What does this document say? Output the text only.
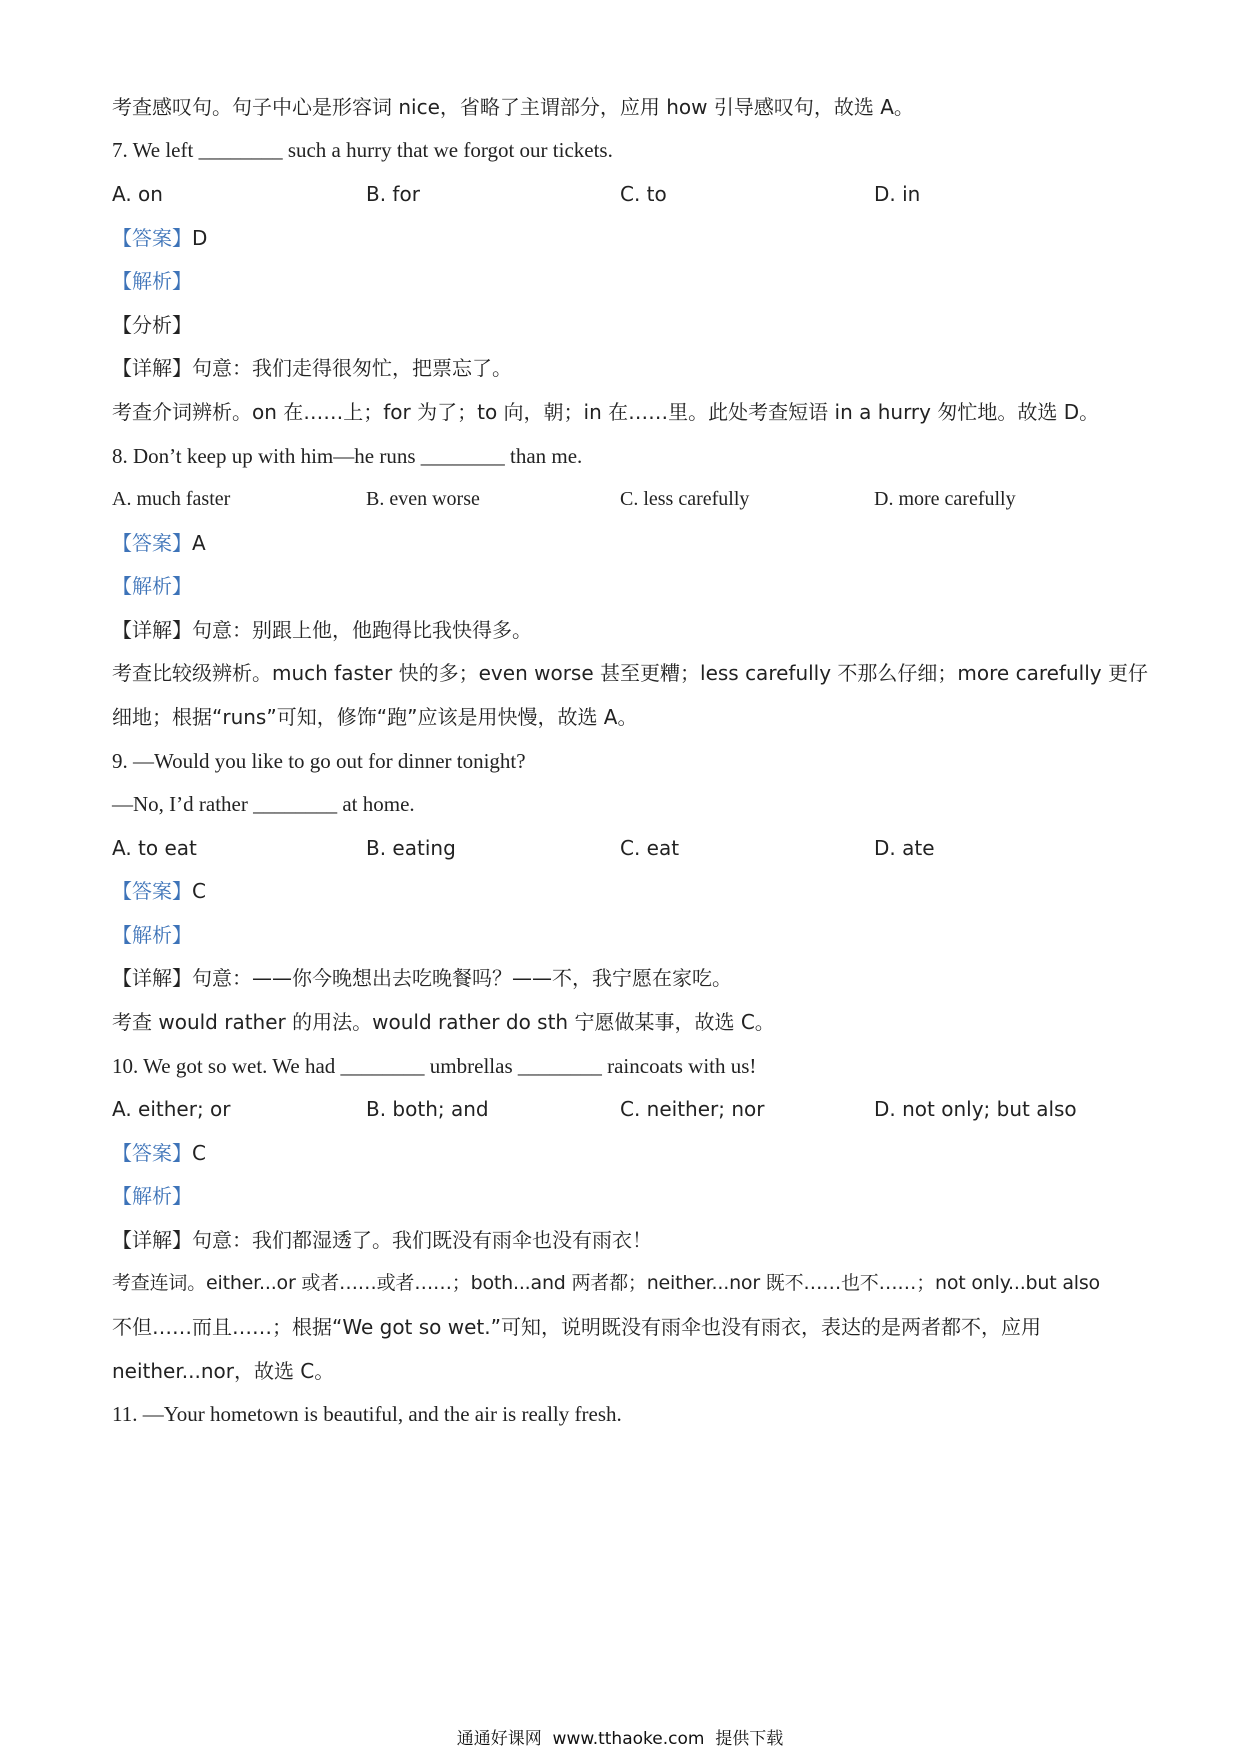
考查感叹句。句子中心是形容词 nice，省略了主谓部分，应用 how 引导感叹句，故选 A。
7. We left ________ such a hurry that we forgot our tickets.
A. on	B. for	C. to	D. in
【答案】D
【解析】
【分析】
【详解】句意：我们走得很匆忙，把票忘了。
考查介词辨析。on 在……上；for 为了；to 向，朝；in 在……里。此处考查短语 in a hurry 匆忙地。故选 D。
8. Don’t keep up with him—he runs ________ than me.
A. much faster	B. even worse	C. less carefully	D. more carefully
【答案】A
【解析】
【详解】句意：别跟上他，他跑得比我快得多。
考查比较级辨析。much faster 快的多；even worse 甚至更糟；less carefully 不那么仔细；more carefully 更仔
细地；根据“runs”可知，修饰“跑”应该是用快慢，故选 A。
9. —Would you like to go out for dinner tonight?
—No, I’d rather ________ at home.
A. to eat	B. eating	C. eat	D. ate
【答案】C
【解析】
【详解】句意：——你今晚想出去吃晚餐吗？——不，我宁愿在家吃。
考查 would rather 的用法。would rather do sth 宁愿做某事，故选 C。
10. We got so wet. We had ________ umbrellas ________ raincoats with us!
A. either; or	B. both; and	C. neither; nor	D. not only; but also
【答案】C
【解析】
【详解】句意：我们都湿透了。我们既没有雨伞也没有雨衣！
考查连词。either...or 或者……或者……；both...and 两者都；neither...nor 既不……也不……；not only...but also
不但……而且……；根据“We got so wet.”可知，说明既没有雨伞也没有雨衣，表达的是两者都不，应用
neither...nor，故选 C。
11. —Your hometown is beautiful, and the air is really fresh.
通通好课网  www.tthaoke.com  提供下载
